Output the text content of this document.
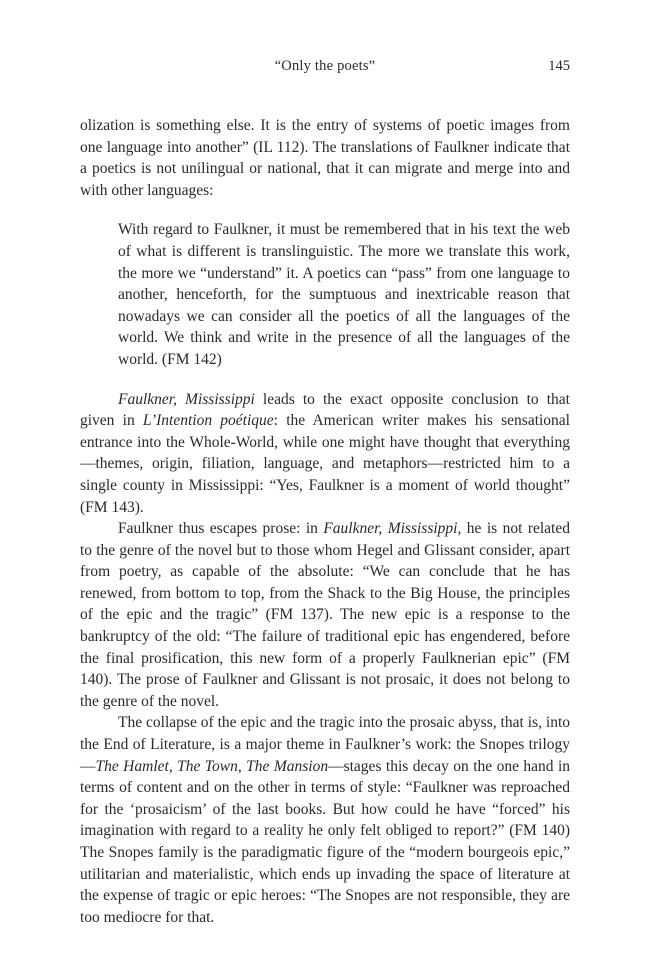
“Only the poets”	145

olization is something else. It is the entry of systems of poetic images from one language into another” (IL 112). The translations of Faulkner indicate that a poetics is not unilingual or national, that it can migrate and merge into and with other languages:

With regard to Faulkner, it must be remembered that in his text the web of what is different is translinguistic. The more we translate this work, the more we “understand” it. A poetics can “pass” from one language to another, henceforth, for the sumptuous and inextricable reason that nowadays we can consider all the poetics of all the languages of the world. We think and write in the presence of all the languages of the world. (FM 142)

Faulkner, Mississippi leads to the exact opposite conclusion to that given in L’Intention poétique: the American writer makes his sensational entrance into the Whole-World, while one might have thought that everything—themes, origin, filiation, language, and metaphors—restricted him to a single county in Mississippi: “Yes, Faulkner is a moment of world thought” (FM 143).

Faulkner thus escapes prose: in Faulkner, Mississippi, he is not related to the genre of the novel but to those whom Hegel and Glissant consider, apart from poetry, as capable of the absolute: “We can conclude that he has renewed, from bottom to top, from the Shack to the Big House, the principles of the epic and the tragic” (FM 137). The new epic is a response to the bankruptcy of the old: “The failure of traditional epic has engendered, before the final prosification, this new form of a properly Faulknerian epic” (FM 140). The prose of Faulkner and Glissant is not prosaic, it does not belong to the genre of the novel.

The collapse of the epic and the tragic into the prosaic abyss, that is, into the End of Literature, is a major theme in Faulkner’s work: the Snopes trilogy—The Hamlet, The Town, The Mansion—stages this decay on the one hand in terms of content and on the other in terms of style: “Faulkner was reproached for the ‘prosaicism’ of the last books. But how could he have “forced” his imagination with regard to a reality he only felt obliged to report?” (FM 140) The Snopes family is the paradigmatic figure of the “modern bourgeois epic,” utilitarian and materialistic, which ends up invading the space of literature at the expense of tragic or epic heroes: “The Snopes are not responsible, they are too mediocre for that.
